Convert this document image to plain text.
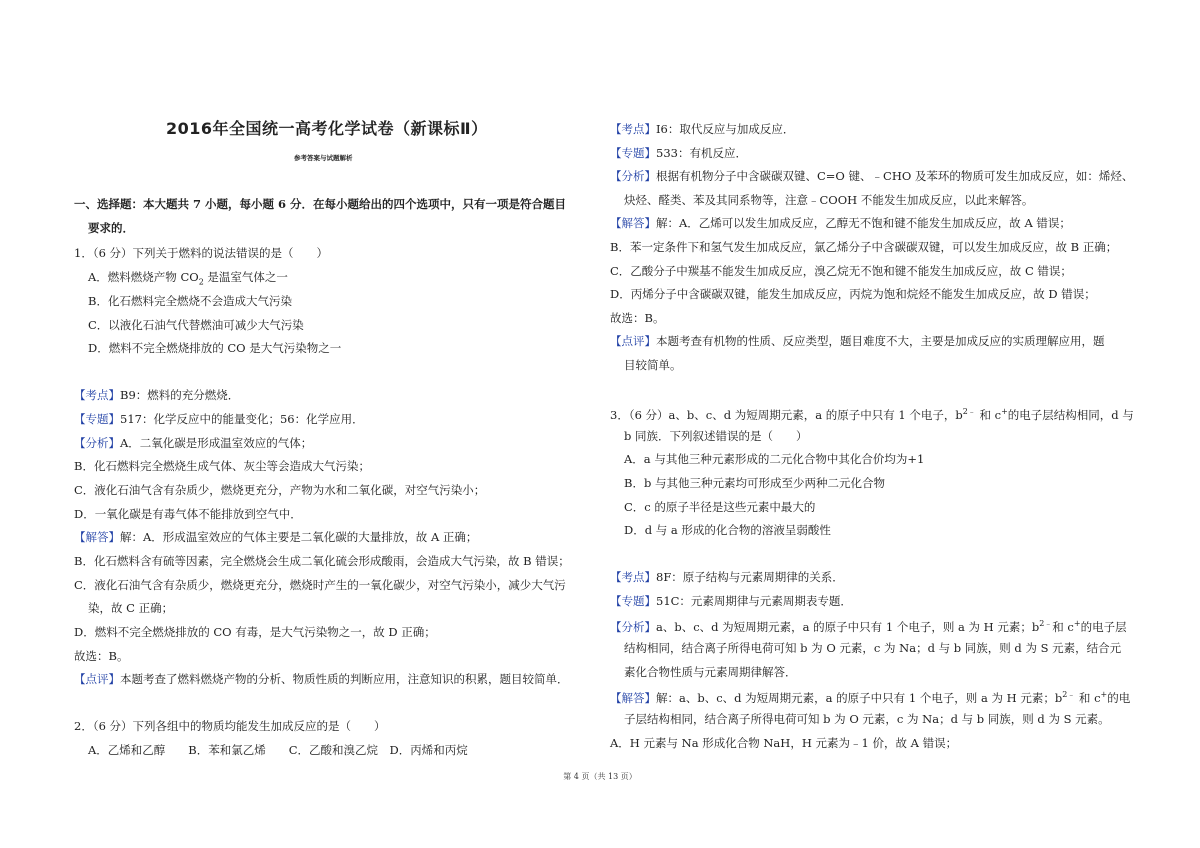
2016年全国统一高考化学试卷（新课标Ⅱ）
参考答案与试题解析
一、选择题：本大题共 7 小题，每小题 6 分．在每小题给出的四个选项中，只有一项是符合题目
要求的．
1．（6 分）下列关于燃料的说法错误的是（　　）
A．燃料燃烧产物 $CO_2$ 是温室气体之一
B．化石燃料完全燃烧不会造成大气污染
C．以液化石油气代替燃油可减少大气污染
D．燃料不完全燃烧排放的 CO 是大气污染物之一
【考点】B9：燃料的充分燃烧．
【专题】517：化学反应中的能量变化；56：化学应用．
【分析】A．二氧化碳是形成温室效应的气体；
B．化石燃料完全燃烧生成气体、灰尘等会造成大气污染；
C．液化石油气含有杂质少，燃烧更充分，产物为水和二氧化碳，对空气污染小；
D．一氧化碳是有毒气体不能排放到空气中．
【解答】解：A．形成温室效应的气体主要是二氧化碳的大量排放，故 A 正确；
B．化石燃料含有硫等因素，完全燃烧会生成二氧化硫会形成酸雨，会造成大气污染，故 B 错误；
C．液化石油气含有杂质少，燃烧更充分，燃烧时产生的一氧化碳少，对空气污染小，减少大气污
染，故 C 正确；
D．燃料不完全燃烧排放的 CO 有毒，是大气污染物之一，故 D 正确；
故选：B。
【点评】本题考查了燃料燃烧产物的分析、物质性质的判断应用，注意知识的积累，题目较简单．
2．（6 分）下列各组中的物质均能发生加成反应的是（　　）
A．乙烯和乙醇　　B．苯和氯乙烯　　C．乙酸和溴乙烷　D．丙烯和丙烷
【考点】I6：取代反应与加成反应．
【专题】533：有机反应．
【分析】根据有机物分子中含碳碳双键、C=O 键、﹣CHO 及苯环的物质可发生加成反应，如：烯烃、
炔烃、醛类、苯及其同系物等，注意﹣COOH 不能发生加成反应，以此来解答。
【解答】解：A．乙烯可以发生加成反应，乙醇无不饱和键不能发生加成反应，故 A 错误；
B．苯一定条件下和氢气发生加成反应，氯乙烯分子中含碳碳双键，可以发生加成反应，故 B 正确；
C．乙酸分子中羰基不能发生加成反应，溴乙烷无不饱和键不能发生加成反应，故 C 错误；
D．丙烯分子中含碳碳双键，能发生加成反应，丙烷为饱和烷烃不能发生加成反应，故 D 错误；
故选：B。
【点评】本题考查有机物的性质、反应类型，题目难度不大，主要是加成反应的实质理解应用，题
目较简单。
3．（6 分）a、b、c、d 为短周期元素，a 的原子中只有 1 个电子，$b^{2﹣}$ 和 c+的电子层结构相同，d 与
b 同族．下列叙述错误的是（　　）
A．a 与其他三种元素形成的二元化合物中其化合价均为+1
B．b 与其他三种元素均可形成至少两种二元化合物
C．c 的原子半径是这些元素中最大的
D．d 与 a 形成的化合物的溶液呈弱酸性
【考点】8F：原子结构与元素周期律的关系．
【专题】51C：元素周期律与元素周期表专题．
【分析】a、b、c、d 为短周期元素，a 的原子中只有 1 个电子，则 a 为 H 元素；$b^{2﹣}$和 c+的电子层
结构相同，结合离子所得电荷可知 b 为 O 元素，c 为 Na；d 与 b 同族，则 d 为 S 元素，结合元
素化合物性质与元素周期律解答．
【解答】解：a、b、c、d 为短周期元素，a 的原子中只有 1 个电子，则 a 为 H 元素；$b^{2﹣}$ 和 c+的电
子层结构相同，结合离子所得电荷可知 b 为 O 元素，c 为 Na；d 与 b 同族，则 d 为 S 元素。
A．H 元素与 Na 形成化合物 NaH，H 元素为﹣1 价，故 A 错误；
第 4 页（共 13 页）
